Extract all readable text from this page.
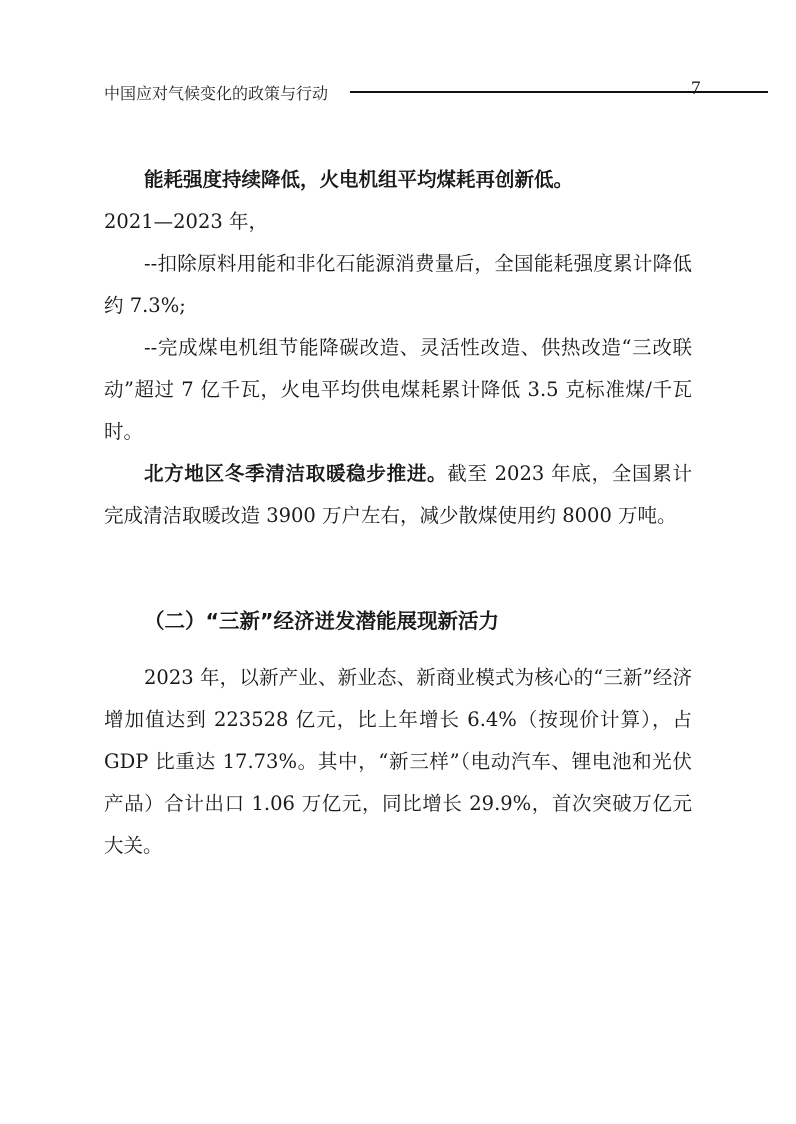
中国应对气候变化的政策与行动	7

能耗强度持续降低，火电机组平均煤耗再创新低。

2021—2023 年，

--扣除原料用能和非化石能源消费量后，全国能耗强度累计降低约 7.3%;

--完成煤电机组节能降碳改造、灵活性改造、供热改造“三改联动”超过 7 亿千瓦，火电平均供电煤耗累计降低 3.5 克标准煤/千瓦时。

北方地区冬季清洁取暖稳步推进。截至 2023 年底，全国累计完成清洁取暖改造 3900 万户左右，减少散煤使用约 8000 万吨。

（二）“三新”经济迸发潜能展现新活力

2023 年，以新产业、新业态、新商业模式为核心的“三新”经济增加值达到 223528 亿元，比上年增长 6.4%（按现价计算），占 GDP 比重达 17.73%。其中，“新三样”（电动汽车、锂电池和光伏产品）合计出口 1.06 万亿元，同比增长 29.9%，首次突破万亿元大关。
